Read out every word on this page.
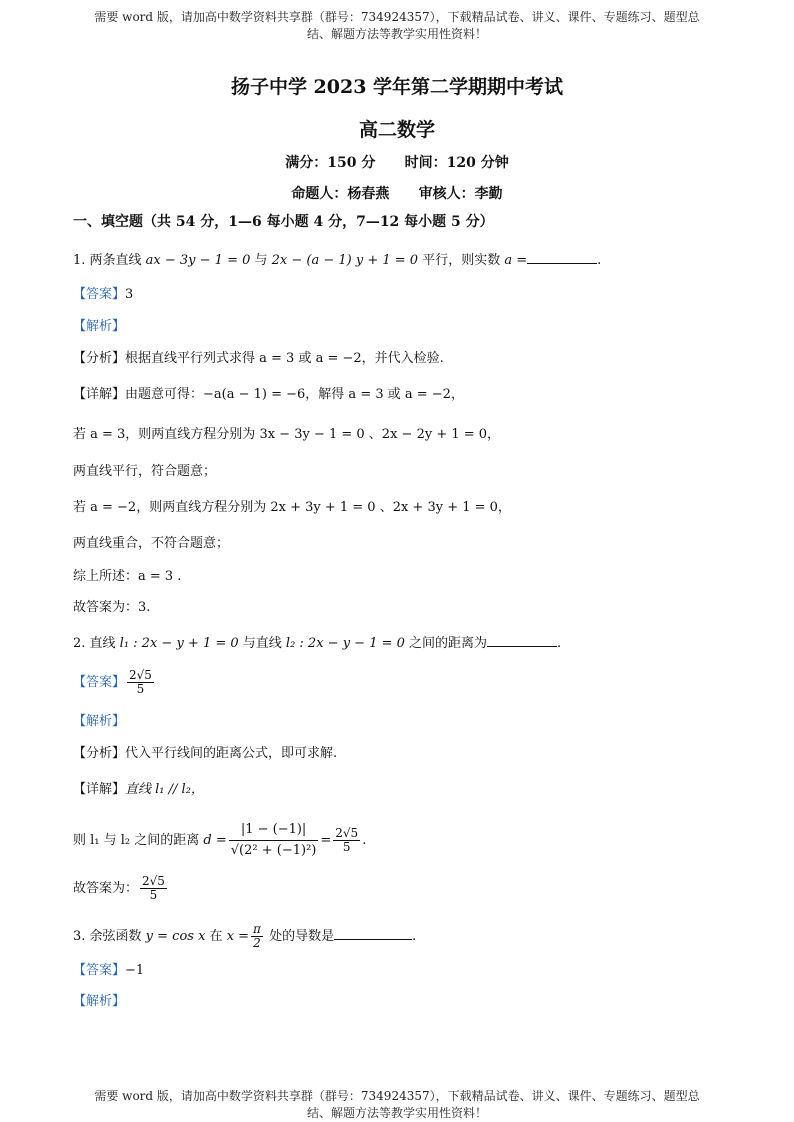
需要 word 版，请加高中数学资料共享群（群号：734924357），下载精品试卷、讲义、课件、专题练习、题型总
结、解题方法等教学实用性资料！
扬子中学 2023 学年第二学期期中考试
高二数学
满分：150 分      时间：120 分钟
命题人：杨春燕      审核人：李勤
一、填空题（共 54 分，1—6 每小题 4 分，7—12 每小题 5 分）
1. 两条直线 ax − 3y − 1 = 0 与 2x − (a − 1) y + 1 = 0 平行，则实数 a =	.
【答案】3
【解析】
【分析】根据直线平行列式求得 a = 3 或 a = −2，并代入检验.
【详解】由题意可得：−a(a − 1) = −6，解得 a = 3 或 a = −2，
若 a = 3，则两直线方程分别为 3x − 3y − 1 = 0 、2x − 2y + 1 = 0，
两直线平行，符合题意；
若 a = −2，则两直线方程分别为 2x + 3y + 1 = 0 、2x + 3y + 1 = 0，
两直线重合，不符合题意；
综上所述：a = 3 .
故答案为：3.
2. 直线 l₁ : 2x − y + 1 = 0 与直线 l₂ : 2x − y − 1 = 0 之间的距离为	.
【答案】 $\frac{2√5}{5}$
【解析】
【分析】代入平行线间的距离公式，即可求解.
【详解】直线 l₁ // l₂，
则 l₁ 与 l₂ 之间的距离 $d = \frac{|1 - (-1)|}{\text{√(2² + (−1)²)}} = \frac{2√5}{5}$ .
故答案为： $\frac{2√5}{5}$
3. 余弦函数 y = cos x 在 $x = \frac{\pi}{2}$ 处的导数是	.
【答案】−1
【解析】
需要 word 版，请加高中数学资料共享群（群号：734924357），下载精品试卷、讲义、课件、专题练习、题型总
结、解题方法等教学实用性资料！
